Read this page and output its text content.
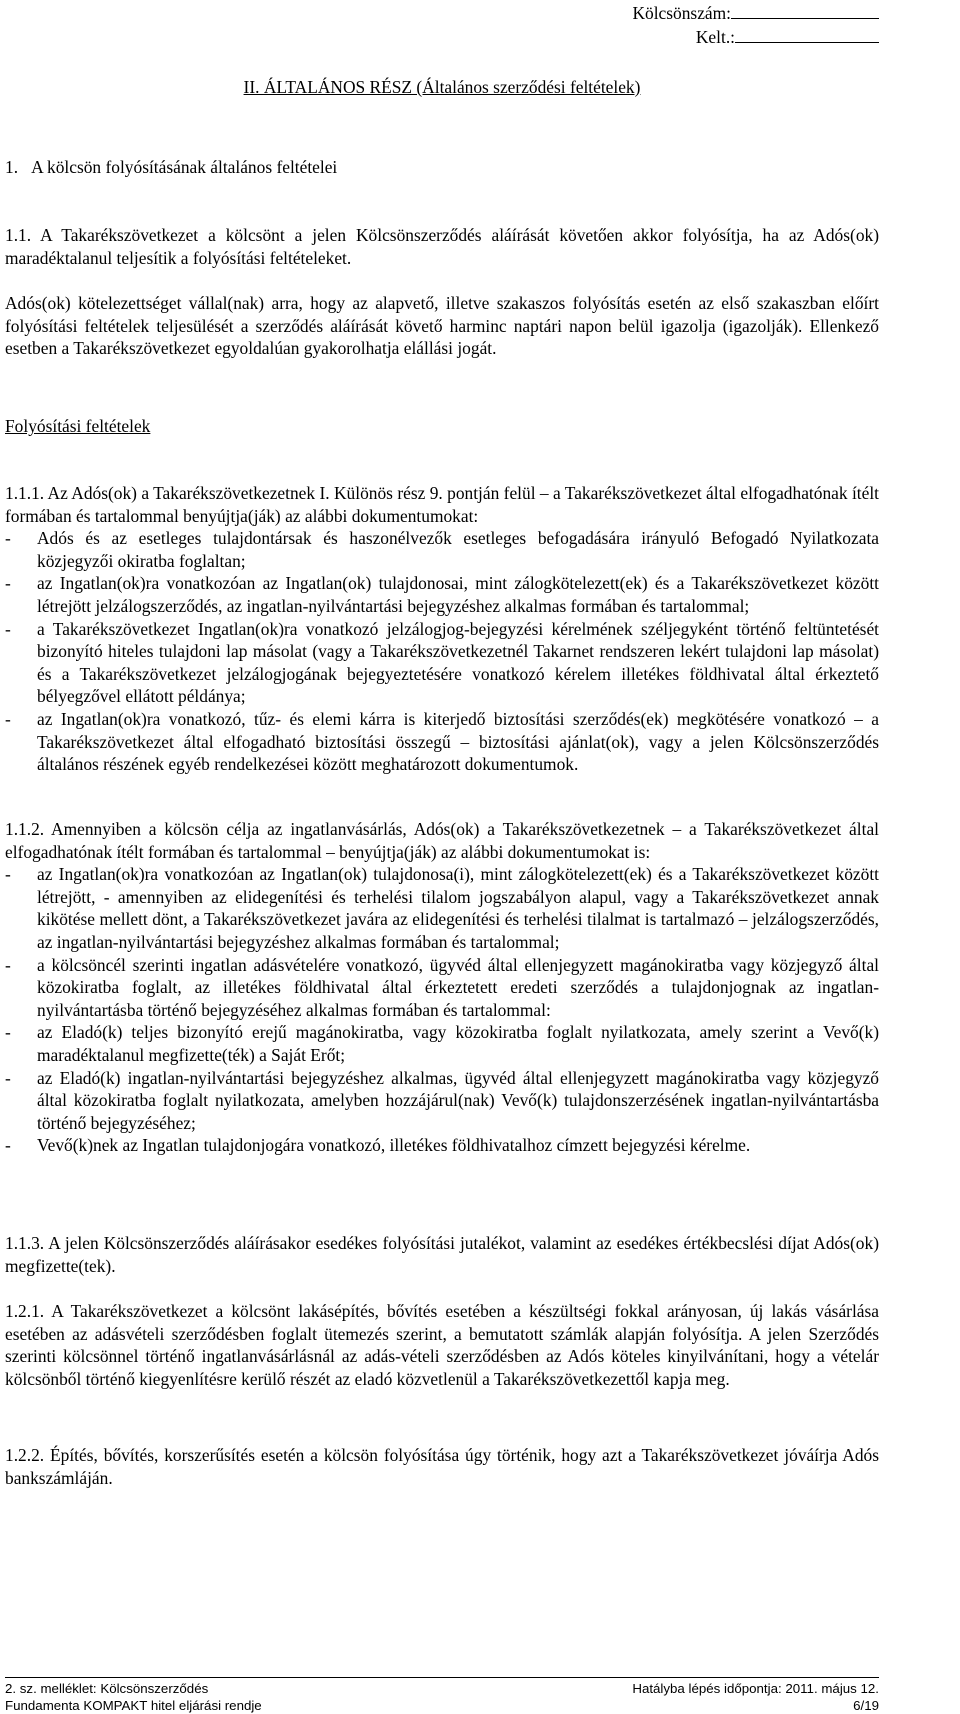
Kölcsönszám:
Kelt.:
II. ÁLTALÁNOS RÉSZ (Általános szerződési feltételek)
1.   A kölcsön folyósításának általános feltételei

1.1. A Takarékszövetkezet a kölcsönt a jelen Kölcsönszerződés aláírását követően akkor folyósítja, ha az Adós(ok) maradéktalanul teljesítik a folyósítási feltételeket.

Adós(ok) kötelezettséget vállal(nak) arra, hogy az alapvető, illetve szakaszos folyósítás esetén az első szakaszban előírt folyósítási feltételek teljesülését a szerződés aláírását követő harminc naptári napon belül igazolja (igazolják). Ellenkező esetben a Takarékszövetkezet egyoldalúan gyakorolhatja elállási jogát.

Folyósítási feltételek
1.1.1. Az Adós(ok) a Takarékszövetkezetnek I. Különös rész 9. pontján felül – a Takarékszövetkezet által elfogadhatónak ítélt formában és tartalommal benyújtja(ják) az alábbi dokumentumokat:
- Adós és az esetleges tulajdontársak és haszonélvezők esetleges befogadására irányuló Befogadó Nyilatkozata közjegyzői okiratba foglaltan;
- az Ingatlan(ok)ra vonatkozóan az Ingatlan(ok) tulajdonosai, mint zálogkötelezett(ek) és a Takarékszövetkezet között létrejött jelzálogszerződés, az ingatlan-nyilvántartási bejegyzéshez alkalmas formában és tartalommal;
- a Takarékszövetkezet Ingatlan(ok)ra vonatkozó jelzálogjog-bejegyzési kérelmének széljegyként történő feltüntetését bizonyító hiteles tulajdoni lap másolat (vagy a Takarékszövetkezetnél Takarnet rendszeren lekért tulajdoni lap másolat) és a Takarékszövetkezet jelzálogjogának bejegyeztetésére vonatkozó kérelem illetékes földhivatal által érkeztető bélyegzővel ellátott példánya;
- az Ingatlan(ok)ra vonatkozó, tűz- és elemi kárra is kiterjedő biztosítási szerződés(ek) megkötésére vonatkozó – a Takarékszövetkezet által elfogadható biztosítási összegű – biztosítási ajánlat(ok), vagy a jelen Kölcsönszerződés általános részének egyéb rendelkezései között meghatározott dokumentumok.
1.1.2. Amennyiben a kölcsön célja az ingatlanvásárlás, Adós(ok) a Takarékszövetkezetnek – a Takarékszövetkezet által elfogadhatónak ítélt formában és tartalommal – benyújtja(ják) az alábbi dokumentumokat is:
- az Ingatlan(ok)ra vonatkozóan az Ingatlan(ok) tulajdonosa(i), mint zálogkötelezett(ek) és a Takarékszövetkezet között létrejött, - amennyiben az elidegenítési és terhelési tilalom jogszabályon alapul, vagy a Takarékszövetkezet annak kikötése mellett dönt, a Takarékszövetkezet javára az elidegenítési és terhelési tilalmat is tartalmazó – jelzálogszerződés, az ingatlan-nyilvántartási bejegyzéshez alkalmas formában és tartalommal;
- a kölcsöncél szerinti ingatlan adásvételére vonatkozó, ügyvéd által ellenjegyzett magánokiratba vagy közjegyző által közokiratba foglalt, az illetékes földhivatal által érkeztetett eredeti szerződés a tulajdonjognak az ingatlan-nyilvántartásba történő bejegyzéséhez alkalmas formában és tartalommal:
- az Eladó(k) teljes bizonyító erejű magánokiratba, vagy közokiratba foglalt nyilatkozata, amely szerint a Vevő(k) maradéktalanul megfizette(ték) a Saját Erőt;
- az Eladó(k) ingatlan-nyilvántartási bejegyzéshez alkalmas, ügyvéd által ellenjegyzett magánokiratba vagy közjegyző által közokiratba foglalt nyilatkozata, amelyben hozzájárul(nak) Vevő(k) tulajdonszerzésének ingatlan-nyilvántartásba történő bejegyzéséhez;
- Vevő(k)nek az Ingatlan tulajdonjogára vonatkozó, illetékes földhivatalhoz címzett bejegyzési kérelme.

1.1.3. A jelen Kölcsönszerződés aláírásakor esedékes folyósítási jutalékot, valamint az esedékes értékbecslési díjat Adós(ok) megfizette(tek).

1.2.1. A Takarékszövetkezet a kölcsönt lakásépítés, bővítés esetében a készültségi fokkal arányosan, új lakás vásárlása esetében az adásvételi szerződésben foglalt ütemezés szerint, a bemutatott számlák alapján folyósítja. A jelen Szerződés szerinti kölcsönnel történő ingatlanvásárlásnál az adás-vételi szerződésben az Adós köteles kinyilvánítani, hogy a vételár kölcsönből történő kiegyenlítésre kerülő részét az eladó közvetlenül a Takarékszövetkezettől kapja meg.

1.2.2. Építés, bővítés, korszerűsítés esetén a kölcsön folyósítása úgy történik, hogy azt a Takarékszövetkezet jóváírja Adós bankszámláján.

2. sz. melléklet: Kölcsönszerződés	Hatályba lépés időpontja: 2011. május 12.
Fundamenta KOMPAKT hitel eljárási rendje	6/19
